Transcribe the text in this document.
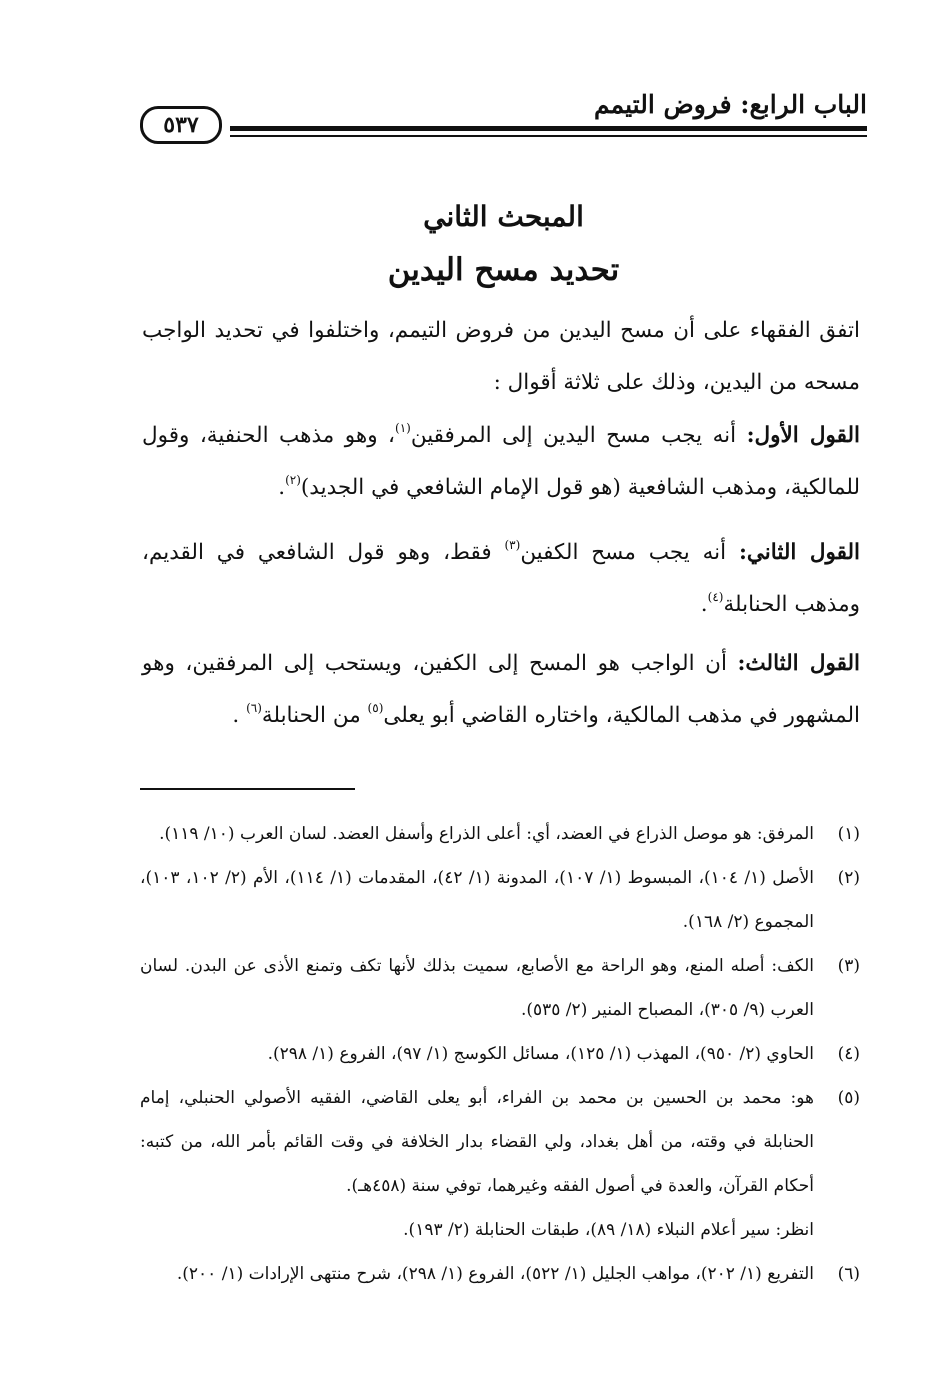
الباب الرابع: فروض التيمم
٥٣٧
المبحث الثاني
تحديد مسح اليدين
اتفق الفقهاء على أن مسح اليدين من فروض التيمم، واختلفوا في تحديد الواجب مسحه من اليدين، وذلك على ثلاثة أقوال :
القول الأول: أنه يجب مسح اليدين إلى المرفقين$^{(١)}$، وهو مذهب الحنفية، وقول للمالكية، ومذهب الشافعية (هو قول الإمام الشافعي في الجديد)$^{(٢)}$.
القول الثاني: أنه يجب مسح الكفين$^{(٣)}$ فقط، وهو قول الشافعي في القديم، ومذهب الحنابلة$^{(٤)}$.
القول الثالث: أن الواجب هو المسح إلى الكفين، ويستحب إلى المرفقين، وهو المشهور في مذهب المالكية، واختاره القاضي أبو يعلى$^{(٥)}$ من الحنابلة$^{(٦)}$ .
(١)
المرفق: هو موصل الذراع في العضد، أي: أعلى الذراع وأسفل العضد. لسان العرب (١٠/ ١١٩).
(٢)
الأصل (١/ ١٠٤)، المبسوط (١/ ١٠٧)، المدونة (١/ ٤٢)، المقدمات (١/ ١١٤)، الأم (٢/ ١٠٢، ١٠٣)، المجموع (٢/ ١٦٨).
(٣)
الكف: أصله المنع، وهو الراحة مع الأصابع، سميت بذلك لأنها تكف وتمنع الأذى عن البدن. لسان العرب (٩/ ٣٠٥)، المصباح المنير (٢/ ٥٣٥).
(٤)
الحاوي (٢/ ٩٥٠)، المهذب (١/ ١٢٥)، مسائل الكوسج (١/ ٩٧)، الفروع (١/ ٢٩٨).
(٥)
هو: محمد بن الحسين بن محمد بن الفراء، أبو يعلى القاضي، الفقيه الأصولي الحنبلي، إمام الحنابلة في وقته، من أهل بغداد، ولي القضاء بدار الخلافة في وقت القائم بأمر الله، من كتبه: أحكام القرآن، والعدة في أصول الفقه وغيرهما، توفي سنة (٤٥٨هـ).
انظر: سير أعلام النبلاء (١٨/ ٨٩)، طبقات الحنابلة (٢/ ١٩٣).
(٦)
التفريع (١/ ٢٠٢)، مواهب الجليل (١/ ٥٢٢)، الفروع (١/ ٢٩٨)، شرح منتهى الإرادات (١/ ٢٠٠).
